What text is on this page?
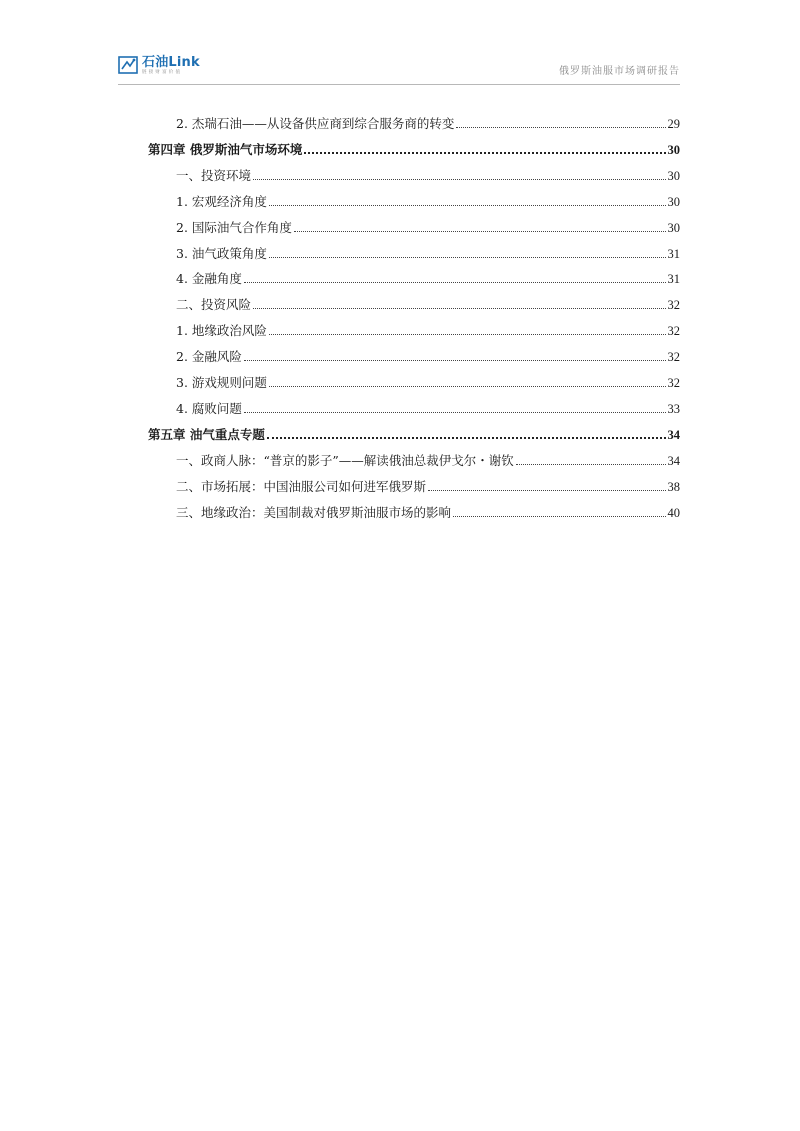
石油Link
链接财富价值	俄罗斯油服市场调研报告
2. 杰瑞石油——从设备供应商到综合服务商的转变	29
第四章 俄罗斯油气市场环境	30
一、投资环境	30
1. 宏观经济角度	30
2. 国际油气合作角度	30
3. 油气政策角度	31
4. 金融角度	31
二、投资风险	32
1. 地缘政治风险	32
2. 金融风险	32
3. 游戏规则问题	32
4. 腐败问题	33
第五章 油气重点专题	34
一、政商人脉：“普京的影子”——解读俄油总裁伊戈尔・谢钦	34
二、市场拓展：中国油服公司如何进军俄罗斯	38
三、地缘政治：美国制裁对俄罗斯油服市场的影响	40
